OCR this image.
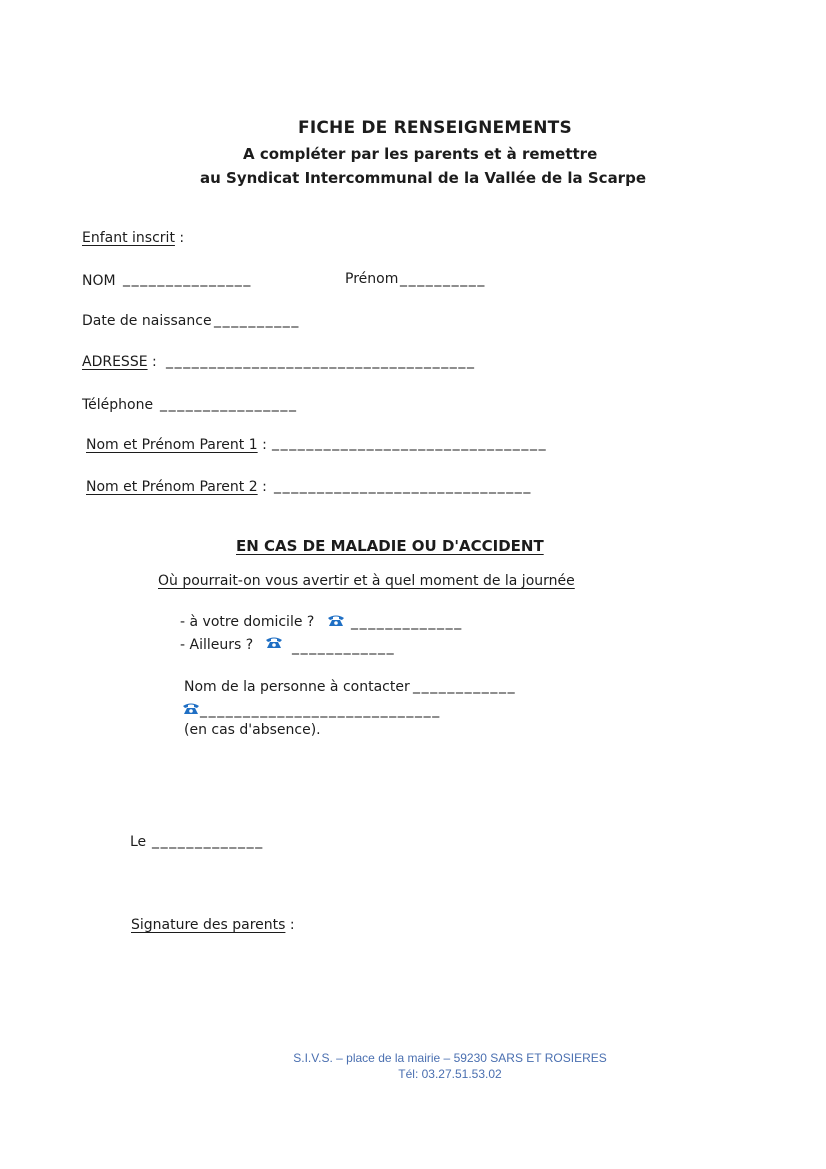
FICHE DE RENSEIGNEMENTS
A compléter par les parents et à remettre
au Syndicat Intercommunal de la Vallée de la Scarpe
Enfant inscrit :
NOM _______________	Prénom __________
Date de naissance __________
ADRESSE : ____________________________________
Téléphone ________________
Nom et Prénom Parent 1 : ________________________________
Nom et Prénom Parent 2 : ______________________________
EN CAS DE MALADIE OU D'ACCIDENT
Où pourrait-on vous avertir et à quel moment de la journée
- à votre domicile ?	_____________
- Ailleurs ?	____________
Nom de la personne à contacter ____________
____________________________
(en cas d'absence).
Le _____________
Signature des parents :
S.I.V.S. – place de la mairie – 59230 SARS ET ROSIERES
Tél: 03.27.51.53.02
